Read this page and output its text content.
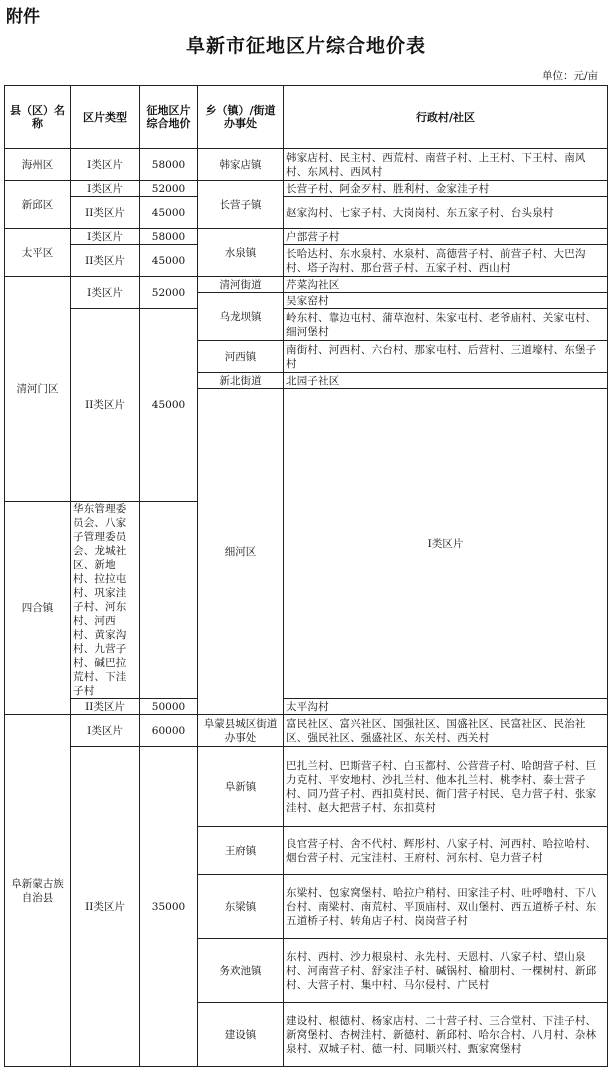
附件
阜新市征地区片综合地价表
单位：元/亩
县（区）名称	区片类型	征地区片综合地价	乡（镇）/街道办事处	行政村/社区	

海州区	I类区片	58000	韩家店镇	韩家店村、民主村、西荒村、南营子村、上王村、下王村、南风村、东风村、西风村	
新邱区	I类区片	52000	长营子镇	长营子村、阿金歹村、胜利村、金家洼子村	
	II类区片	45000		赵家沟村、七家子村、大岗岗村、东五家子村、台头泉村	
太平区	I类区片	58000	水泉镇	户部营子村	
	II类区片	45000		长哈达村、东水泉村、水泉村、高德营子村、前营子村、大巴沟村、塔子沟村、那台营子村、五家子村、西山村	
清河门区	I类区片	52000	清河街道	芹菜沟社区	
			乌龙坝镇	吴家窑村	
	II类区片	45000		岭东村、靠边屯村、蒲草泡村、朱家屯村、老爷庙村、关家屯村、细河堡村	
			河西镇	南街村、河西村、六台村、那家屯村、后营村、三道壕村、东堡子村	
			新北街道	北园子社区	
			细河区	I类区片			
四合镇	华东管理委员会、八家子管理委员会、龙城社区、新地村、拉拉屯村、巩家洼子村、河东村、河西村、黄家沟村、九营子村、碱巴拉荒村、下洼子村				
	II类区片	50000		太平沟村	
阜新蒙古族自治县	I类区片	60000	阜蒙县城区街道办事处	富民社区、富兴社区、国强社区、国盛社区、民富社区、民治社区、强民社区、强盛社区、东关村、西关村	
	II类区片	35000	阜新镇	巴扎兰村、巴斯营子村、白玉都村、公营营子村、哈朗营子村、巨力克村、平安地村、沙扎兰村、他本扎兰村、桃李村、泰士营子村、同乃营子村、西扣莫村民、衙门营子村民、皂力营子村、张家洼村、赵大把营子村、东扣莫村	
			王府镇	良官营子村、舍不代村、辉彤村、八家子村、河西村、哈拉哈村、烟台营子村、元宝洼村、王府村、河东村、皂力营子村	
			东梁镇	东梁村、包家窝堡村、哈拉户稍村、田家洼子村、吐呼噜村、下八台村、南梁村、南荒村、平顶庙村、双山堡村、西五道桥子村、东五道桥子村、转角店子村、岗岗营子村	
			务欢池镇	东村、西村、沙力根泉村、永先村、天恩村、八家子村、望山泉村、河南营子村、舒家洼子村、碱锅村、榆朋村、一棵树村、新邱村、大营子村、集中村、马尔侵村、广民村	
			建设镇	建设村、根德村、杨家店村、二十营子村、三合堂村、下洼子村、新窝堡村、杏树洼村、新德村、新邱村、哈尔合村、八月村、杂林泉村、双城子村、德一村、同顺兴村、甄家窝堡村	
